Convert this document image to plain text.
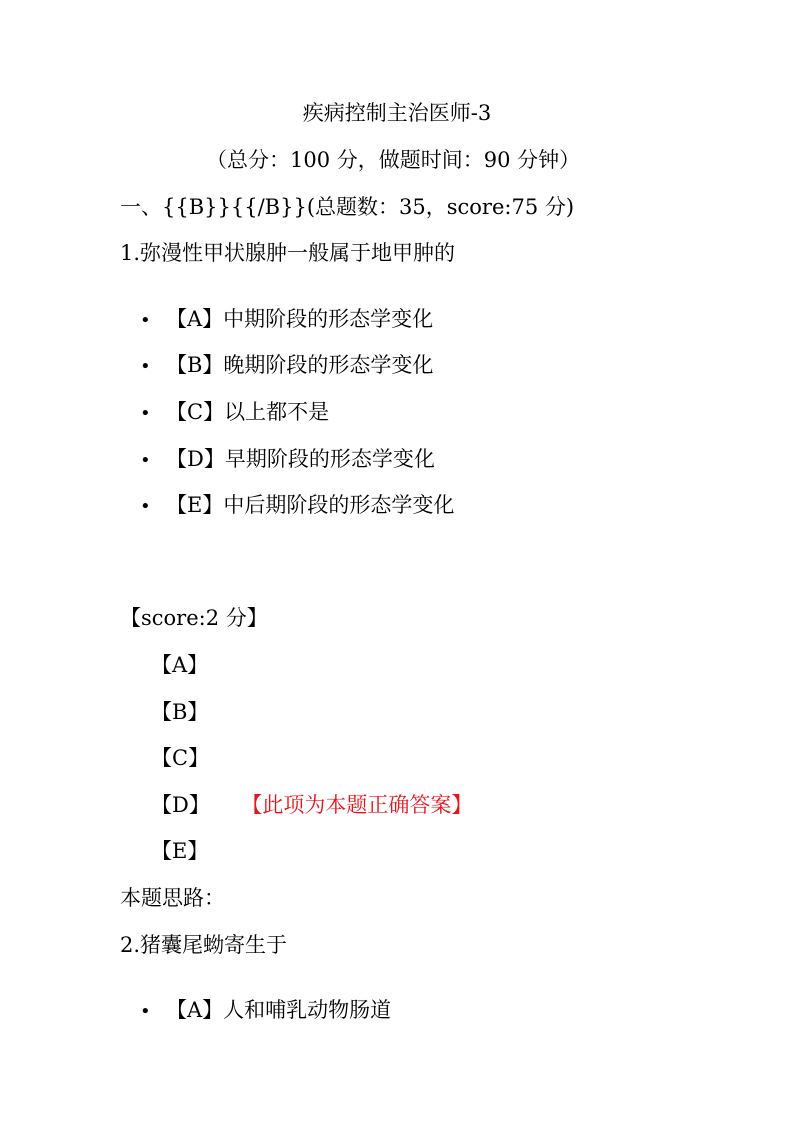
疾病控制主治医师-3
（总分：100 分，做题时间：90 分钟）
一、{{B}}{{/B}}(总题数：35，score:75 分)
1.弥漫性甲状腺肿一般属于地甲肿的
• 【A】中期阶段的形态学变化
• 【B】晚期阶段的形态学变化
• 【C】以上都不是
• 【D】早期阶段的形态学变化
• 【E】中后期阶段的形态学变化
【score:2 分】
【A】
【B】
【C】
【D】 【此项为本题正确答案】
【E】
本题思路：
2.猪囊尾蚴寄生于
• 【A】人和哺乳动物肠道
